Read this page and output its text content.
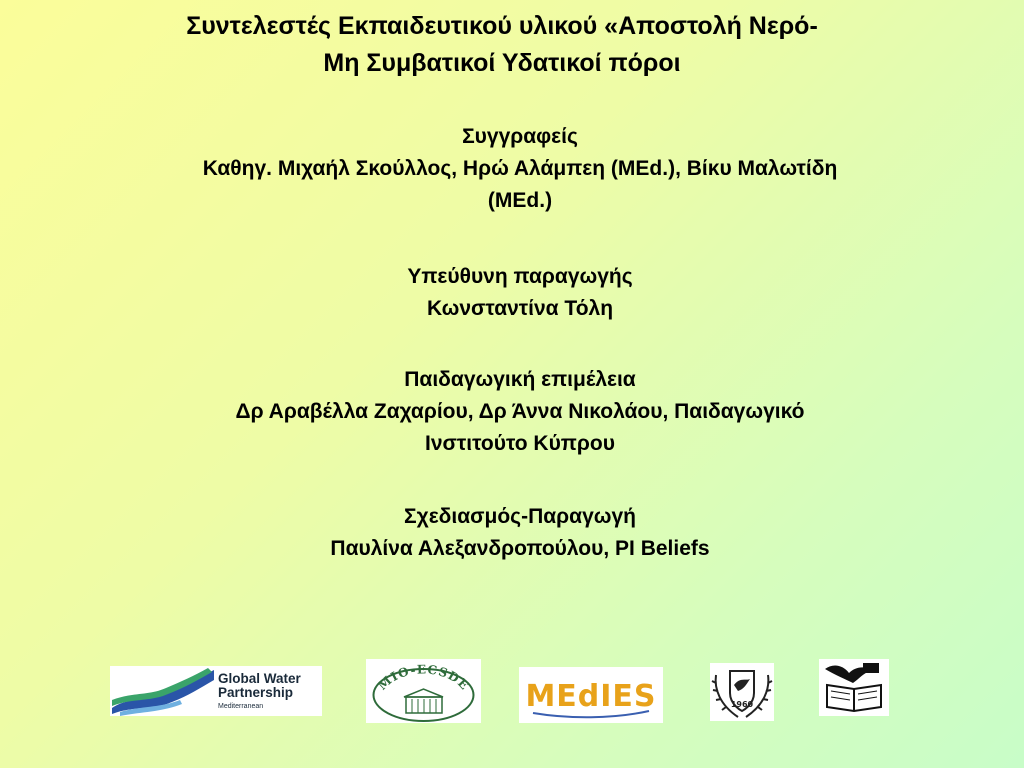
Συντελεστές Εκπαιδευτικού υλικού «Αποστολή Νερό-
Μη Συμβατικοί Υδατικοί πόροι
Συγγραφείς
Καθηγ. Μιχαήλ Σκούλλος, Ηρώ Αλάμπεη (MEd.), Βίκυ Μαλωτίδη
(MEd.)
Υπεύθυνη παραγωγής
Κωνσταντίνα Τόλη
Παιδαγωγική επιμέλεια
Δρ Αραβέλλα Ζαχαρίου, Δρ Άννα Νικολάου, Παιδαγωγικό
Ινστιτούτο Κύπρου
Σχεδιασμός-Παραγωγή
Παυλίνα Αλεξανδροπούλου, PI Beliefs
Global Water
Partnership
Mediterranean
MIO-ECSDE MEdIES	1960
